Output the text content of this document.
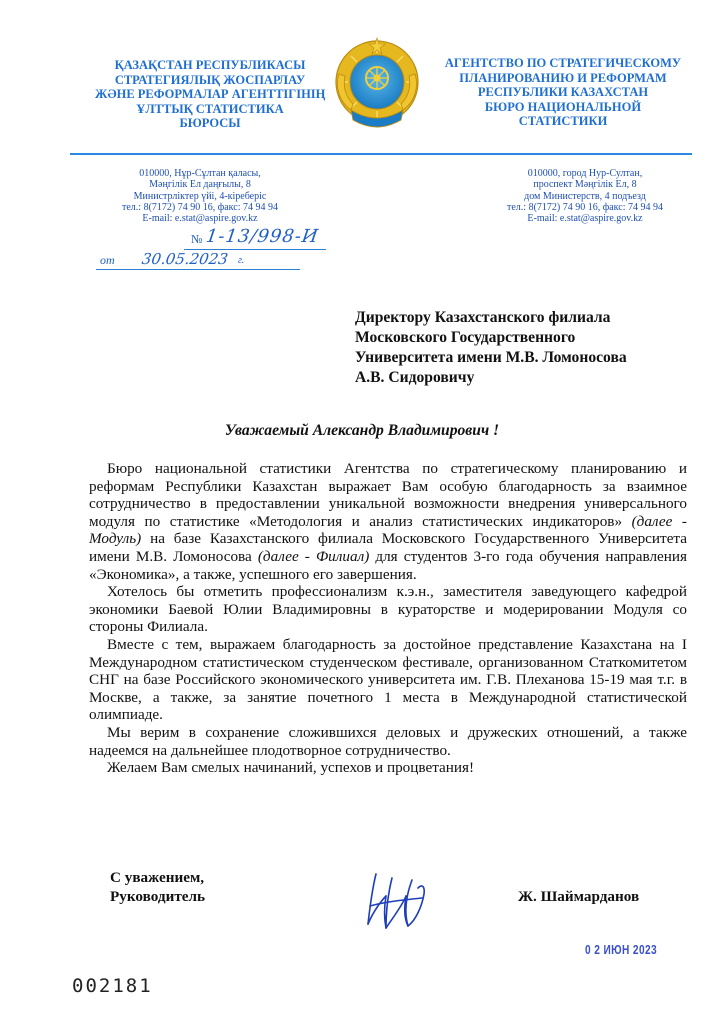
ҚАЗАҚСТАН РЕСПУБЛИКАСЫ
СТРАТЕГИЯЛЫҚ ЖОСПАРЛАУ
ЖӘНЕ РЕФОРМАЛАР АГЕНТТІГІНІҢ
ҰЛТТЫҚ СТАТИСТИКА
БЮРОСЫ
АГЕНТСТВО ПО СТРАТЕГИЧЕСКОМУ
ПЛАНИРОВАНИЮ И РЕФОРМАМ
РЕСПУБЛИКИ КАЗАХСТАН
БЮРО НАЦИОНАЛЬНОЙ
СТАТИСТИКИ
010000, Нұр-Сұлтан қаласы,
Мәңгілік Ел даңғылы, 8
Министрліктер үйі, 4-кіреберіс
тел.: 8(7172) 74 90 16, факс: 74 94 94
E-mail: e.stat@aspire.gov.kz
010000, город Нур-Султан,
проспект Мәңгілік Ел, 8
дом Министерств, 4 подъезд
тел.: 8(7172) 74 90 16, факс: 74 94 94
E-mail: e.stat@aspire.gov.kz
№ 1-13/998-И
от 30.05.2023 г.
Директору Казахстанского филиала
Московского Государственного
Университета имени М.В. Ломоносова
А.В. Сидоровичу
Уважаемый Александр Владимирович !

Бюро национальной статистики Агентства по стратегическому планированию и реформам Республики Казахстан выражает Вам особую благодарность за взаимное сотрудничество в предоставлении уникальной возможности внедрения универсального модуля по статистике «Методология и анализ статистических индикаторов» (далее - Модуль) на базе Казахстанского филиала Московского Государственного Университета имени М.В. Ломоносова (далее - Филиал) для студентов 3-го года обучения направления «Экономика», а также, успешного его завершения.

Хотелось бы отметить профессионализм к.э.н., заместителя заведующего кафедрой экономики Баевой Юлии Владимировны в кураторстве и модерировании Модуля со стороны Филиала.

Вместе с тем, выражаем благодарность за достойное представление Казахстана на I Международном статистическом студенческом фестивале, организованном Статкомитетом СНГ на базе Российского экономического университета им. Г.В. Плеханова 15-19 мая т.г. в Москве, а также, за занятие почетного 1 места в Международной статистической олимпиаде.

Мы верим в сохранение сложившихся деловых и дружеских отношений, а также надеемся на дальнейшее плодотворное сотрудничество.

Желаем Вам смелых начинаний, успехов и процветания!

С уважением,
Руководитель	Ж. Шаймарданов
0 2 ИЮН 2023
002181
